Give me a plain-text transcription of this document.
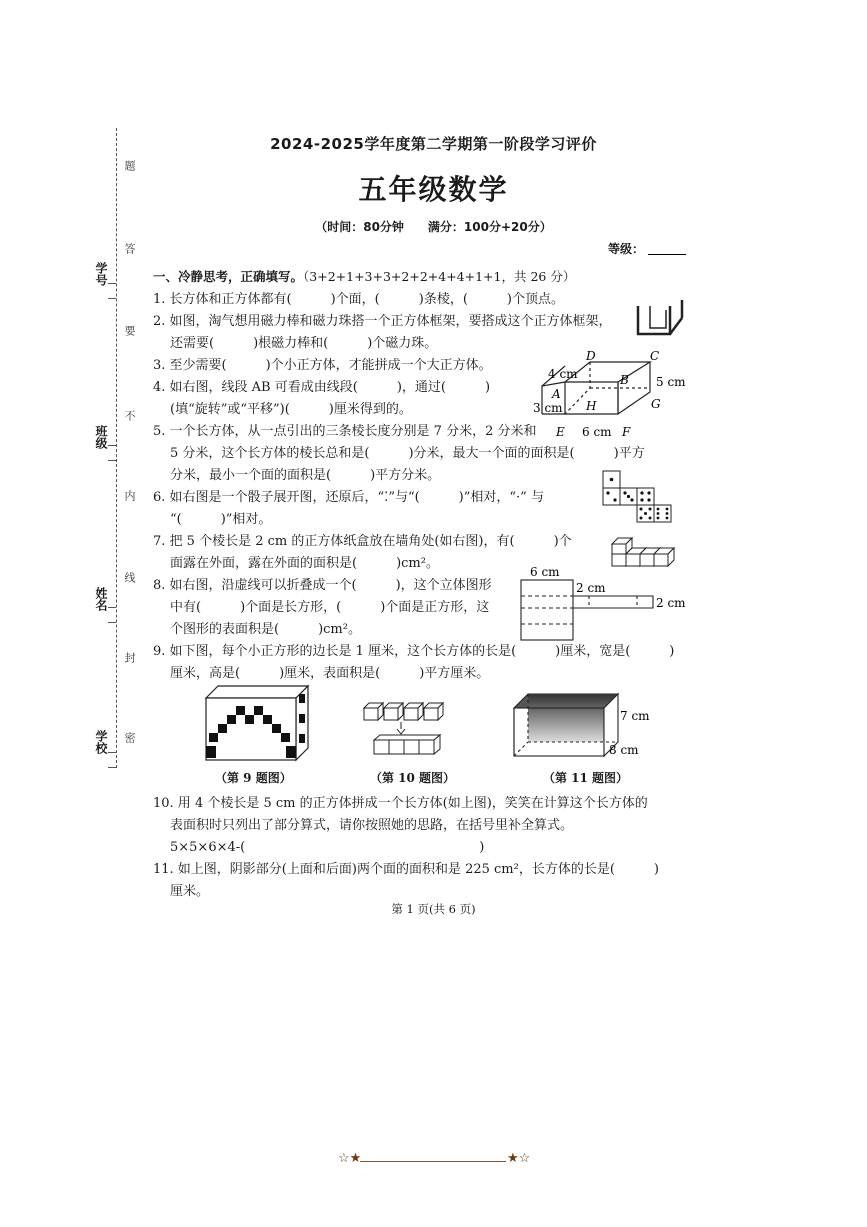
学号
班级
姓名
学校
题
答
要
不
内
线
封
密
2024-2025学年度第二学期第一阶段学习评价
五年级数学
（时间：80分钟　　满分：100分+20分）
等级：
一、冷静思考，正确填写。（3+2+1+3+3+2+2+4+4+1+1，共 26 分）
1. 长方体和正方体都有(　　　)个面，(　　　)条棱，(　　　)个顶点。
2. 如图，淘气想用磁力棒和磁力珠搭一个正方体框架，要搭成这个正方体框架，
还需要(　　　)根磁力棒和(　　　)个磁力珠。
3. 至少需要(　　　)个小正方体，才能拼成一个大正方体。
4. 如右图，线段 AB 可看成由线段(　　　)，通过(　　　)
(填“旋转”或“平移”)(　　　)厘米得到的。
5. 一个长方体，从一点引出的三条棱长度分别是 7 分米，2 分米和
5 分米，这个长方体的棱长总和是(　　　)分米，最大一个面的面积是(　　　)平方
分米，最小一个面的面积是(　　　)平方分米。
6. 如右图是一个骰子展开图，还原后，“⁚”与“(　　　)”相对，“·” 与
“(　　　)”相对。
7. 把 5 个棱长是 2 cm 的正方体纸盒放在墙角处(如右图)，有(　　　)个
面露在外面，露在外面的面积是(　　　)cm²。
8. 如右图，沿虚线可以折叠成一个(　　　)，这个立体图形
中有(　　　)个面是长方形，(　　　)个面是正方形，这
个图形的表面积是(　　　)cm²。
9. 如下图，每个小正方形的边长是 1 厘米，这个长方体的长是(　　　)厘米，宽是(　　　)
厘米，高是(　　　)厘米，表面积是(　　　)平方厘米。
10. 用 4 个棱长是 5 cm 的正方体拼成一个长方体(如上图)，笑笑在计算这个长方体的
表面积时只列出了部分算式，请你按照她的思路，在括号里补全算式。
5×5×6×4-(　　　　　　　　　　　　　　　　　　)
11. 如上图，阴影部分(上面和后面)两个面的面积和是 225 cm²，长方体的长是(　　　)
厘米。
D	C
B
A
H	G
E	F
4 cm
5 cm
3 cm
6 cm
6 cm
2 cm
2 cm
7 cm
8 cm
（第 9 题图）	（第 10 题图）	（第 11 题图）
第 1 页(共 6 页)
☆★	★☆
